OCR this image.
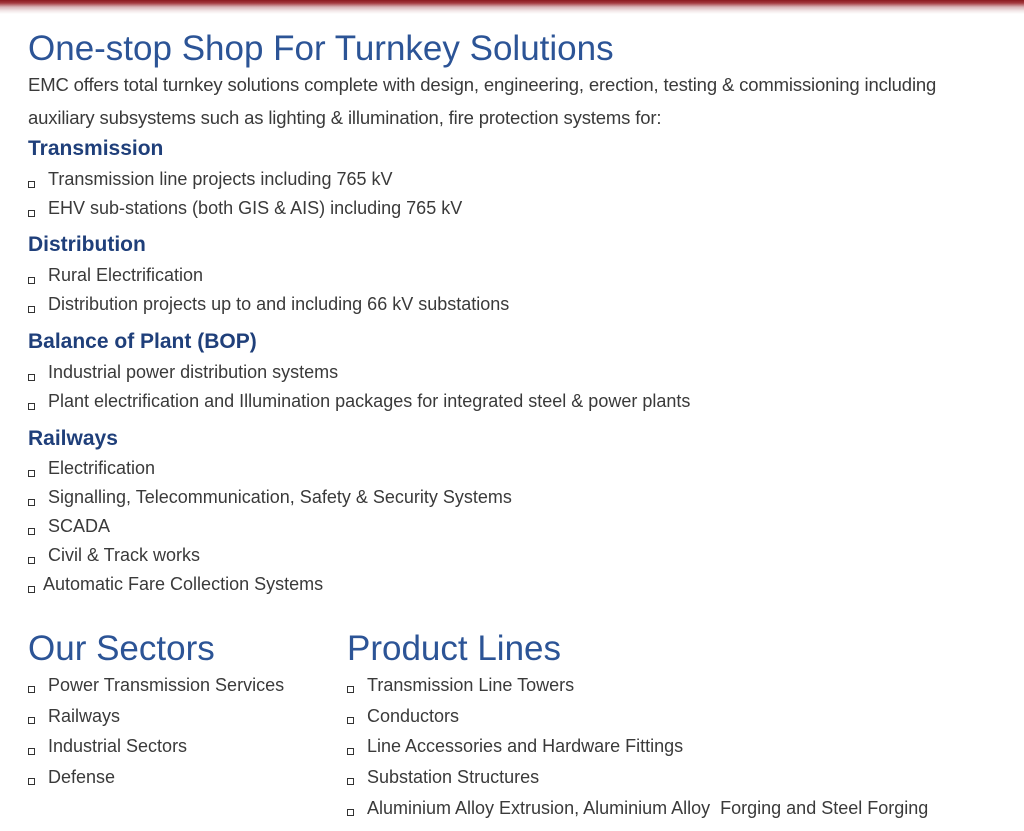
One-stop Shop For Turnkey Solutions

EMC offers total turnkey solutions complete with design, engineering, erection, testing & commissioning including auxiliary subsystems such as lighting & illumination, fire protection systems for:

Transmission
Transmission line projects including 765 kV
EHV sub-stations (both GIS & AIS) including 765 kV
Distribution
Rural Electrification
Distribution projects up to and including 66 kV substations
Balance of Plant (BOP)
Industrial power distribution systems
Plant electrification and Illumination packages for integrated steel & power plants
Railways
Electrification
Signalling, Telecommunication, Safety & Security Systems
SCADA
Civil & Track works
Automatic Fare Collection Systems
Our Sectors
Power Transmission Services
Railways
Industrial Sectors
Defense
Product Lines
Transmission Line Towers
Conductors
Line Accessories and Hardware Fittings
Substation Structures
Aluminium Alloy Extrusion, Aluminium Alloy  Forging and Steel Forging
